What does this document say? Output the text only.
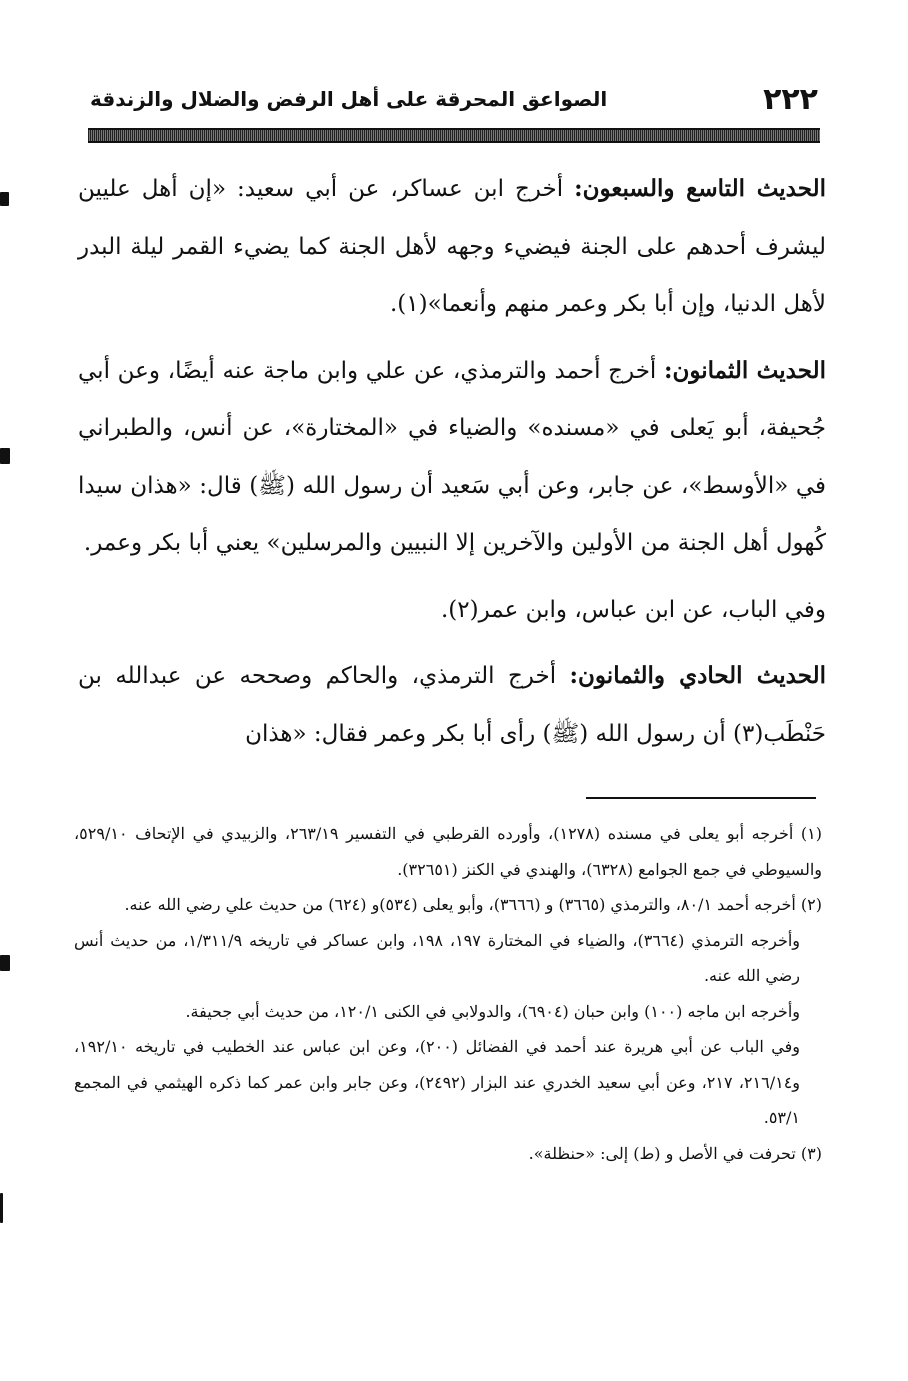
٢٢٢
الصواعق المحرقة على أهل الرفض والضلال والزندقة

الحديث التاسع والسبعون: أخرج ابن عساكر، عن أبي سعيد: «إن أهل عليين ليشرف أحدهم على الجنة فيضيء وجهه لأهل الجنة كما يضيء القمر ليلة البدر لأهل الدنيا، وإن أبا بكر وعمر منهم وأنعما»(١).

الحديث الثمانون: أخرج أحمد والترمذي، عن علي وابن ماجة عنه أيضًا، وعن أبي جُحيفة، أبو يَعلى في «مسنده» والضياء في «المختارة»، عن أنس، والطبراني في «الأوسط»، عن جابر، وعن أبي سَعيد أن رسول الله (ﷺ) قال: «هذان سيدا كُهول أهل الجنة من الأولين والآخرين إلا النبيين والمرسلين» يعني أبا بكر وعمر.

وفي الباب، عن ابن عباس، وابن عمر(٢).

الحديث الحادي والثمانون: أخرج الترمذي، والحاكم وصححه عن عبدالله بن حَنْطَب(٣) أن رسول الله (ﷺ) رأى أبا بكر وعمر فقال: «هذان

(١) أخرجه أبو يعلى في مسنده (١٢٧٨)، وأورده القرطبي في التفسير ٢٦٣/١٩، والزبيدي في الإتحاف ٥٢٩/١٠، والسيوطي في جمع الجوامع (٦٣٢٨)، والهندي في الكنز (٣٢٦٥١).

(٢) أخرجه أحمد ٨٠/١، والترمذي (٣٦٦٥) و (٣٦٦٦)، وأبو يعلى (٥٣٤)و (٦٢٤) من حديث علي رضي الله عنه.

وأخرجه الترمذي (٣٦٦٤)، والضياء في المختارة ١٩٧، ١٩٨، وابن عساكر في تاريخه ١/٣١١/٩، من حديث أنس رضي الله عنه.

وأخرجه ابن ماجه (١٠٠) وابن حبان (٦٩٠٤)، والدولابي في الكنى ١٢٠/١، من حديث أبي جحيفة.

وفي الباب عن أبي هريرة عند أحمد في الفضائل (٢٠٠)، وعن ابن عباس عند الخطيب في تاريخه ١٩٢/١٠، و٢١٦/١٤، ٢١٧، وعن أبي سعيد الخدري عند البزار (٢٤٩٢)، وعن جابر وابن عمر كما ذكره الهيثمي في المجمع ٥٣/١.

(٣) تحرفت في الأصل و (ط) إلى: «حنظلة».
